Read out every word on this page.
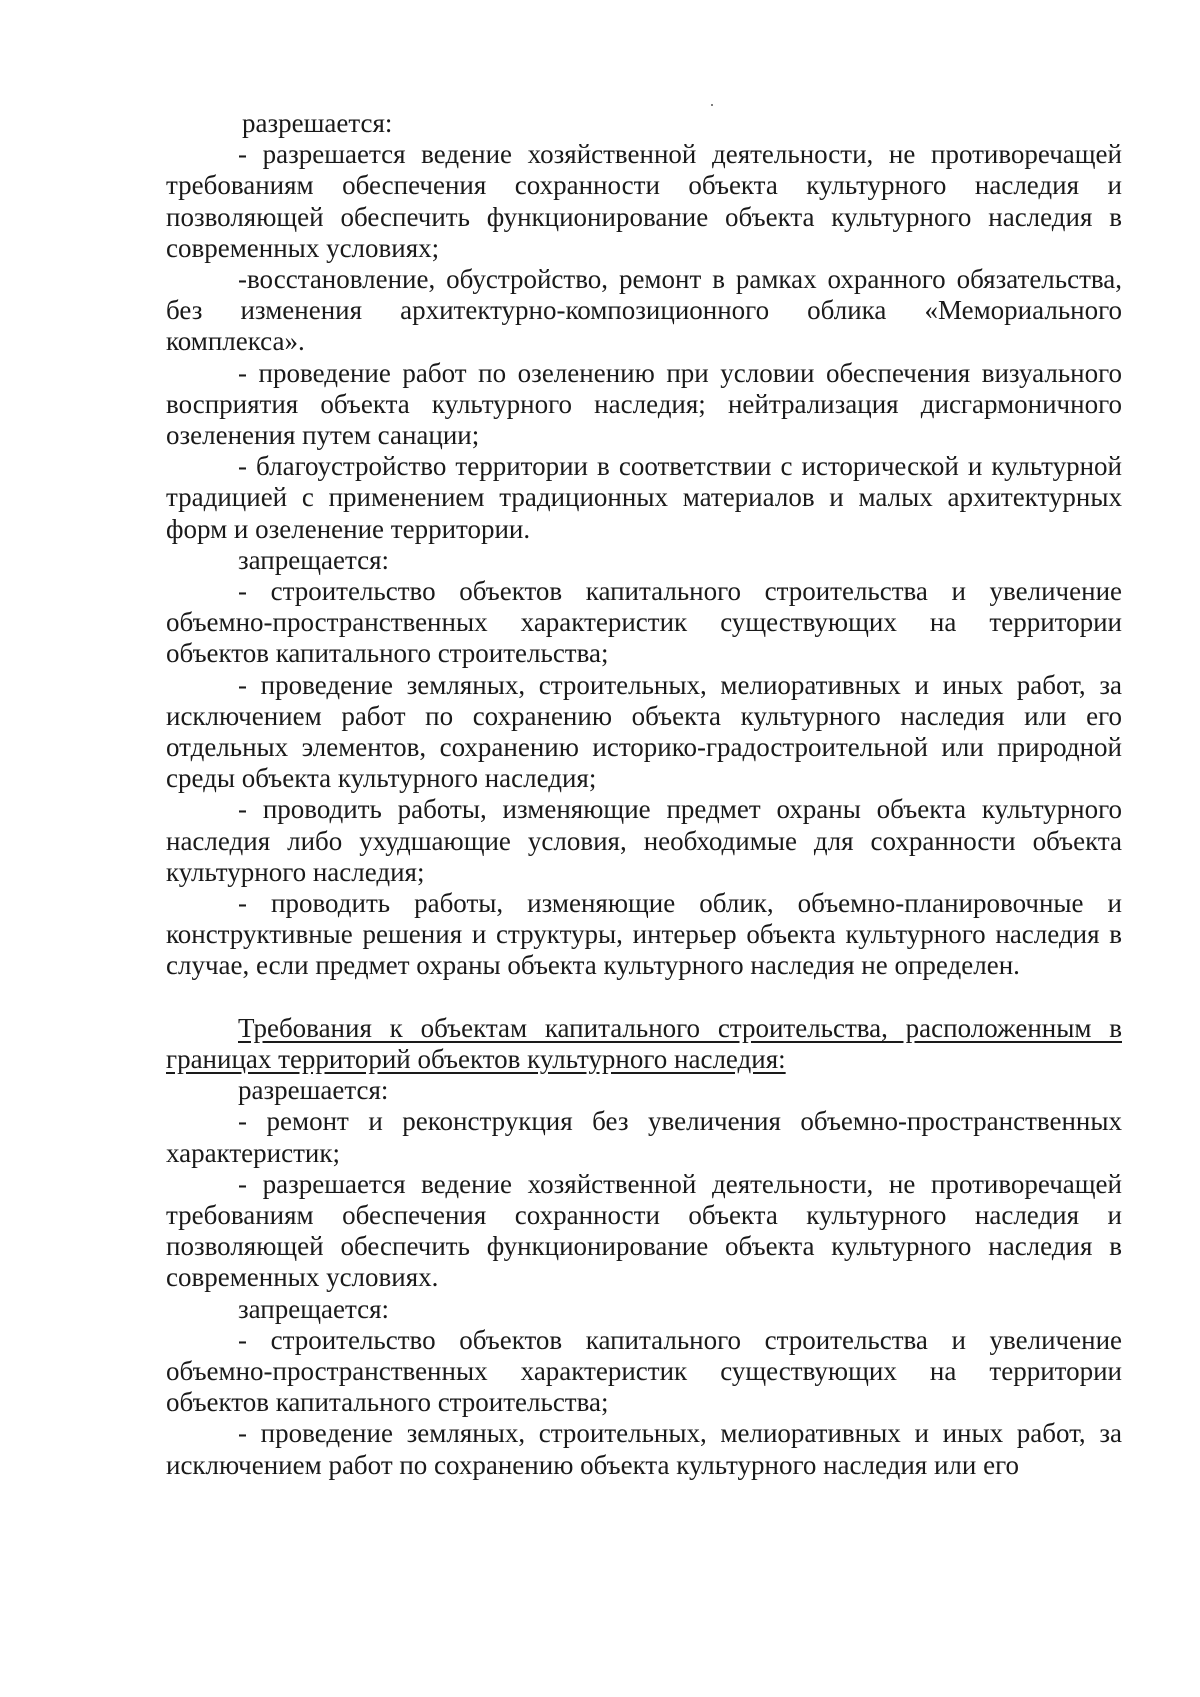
разрешается:

- разрешается ведение хозяйственной деятельности, не противоречащей требованиям обеспечения сохранности объекта культурного наследия и позволяющей обеспечить функционирование объекта культурного наследия в современных условиях;

-восстановление, обустройство, ремонт в рамках охранного обязательства, без изменения архитектурно-композиционного облика «Мемориального комплекса».

- проведение работ по озеленению при условии обеспечения визуального восприятия объекта культурного наследия; нейтрализация дисгармоничного озеленения путем санации;

- благоустройство территории в соответствии с исторической и культурной традицией с применением традиционных материалов и малых архитектурных форм и озеленение территории.

запрещается:

- строительство объектов капитального строительства и увеличение объемно-пространственных характеристик существующих на территории объектов капитального строительства;

- проведение земляных, строительных, мелиоративных и иных работ, за исключением работ по сохранению объекта культурного наследия или его отдельных элементов, сохранению историко-градостроительной или природной среды объекта культурного наследия;

- проводить работы, изменяющие предмет охраны объекта культурного наследия либо ухудшающие условия, необходимые для сохранности объекта культурного наследия;

- проводить работы, изменяющие облик, объемно-планировочные и конструктивные решения и структуры, интерьер объекта культурного наследия в случае, если предмет охраны объекта культурного наследия не определен.

Требования к объектам капитального строительства, расположенным в границах территорий объектов культурного наследия:

разрешается:

- ремонт и реконструкция без увеличения объемно-пространственных характеристик;

- разрешается ведение хозяйственной деятельности, не противоречащей требованиям обеспечения сохранности объекта культурного наследия и позволяющей обеспечить функционирование объекта культурного наследия в современных условиях.

запрещается:

- строительство объектов капитального строительства и увеличение объемно-пространственных характеристик существующих на территории объектов капитального строительства;

- проведение земляных, строительных, мелиоративных и иных работ, за исключением работ по сохранению объекта культурного наследия или его
